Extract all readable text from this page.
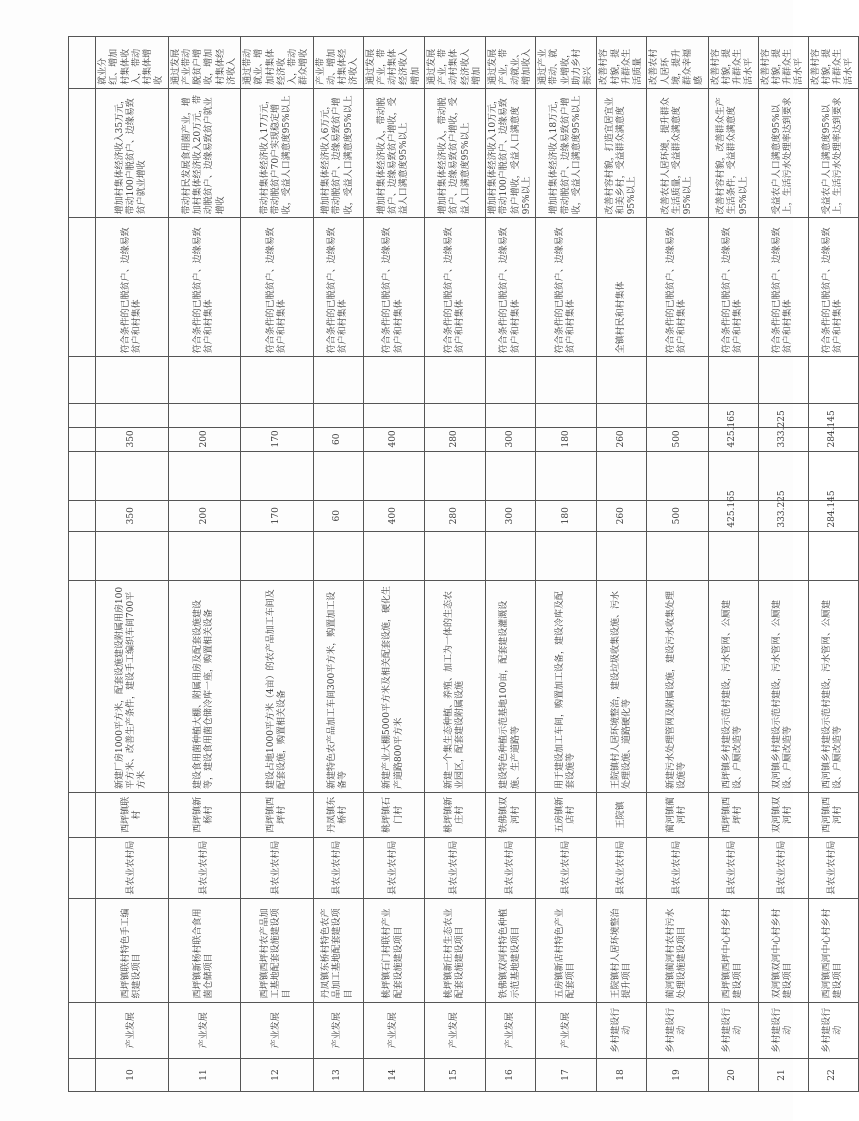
10	产业发展	西坪镇联村特色手工编织建设项目	县农业农村局	西坪镇联村	新建厂房1000平方米，配套设施建设附属用房100平方米、改善生产条件，建设手工编织车间700平方米		350		350			符合条件的已脱贫户、边缘易致贫户和村集体	增加村集体经济收入35万元，带动100户脱贫户、边缘易致贫户就业增收	就业分红、增加村集体收入，带动村集体增收
11	产业发展	西坪镇新杨村联合食用菌仓储项目	县农业农村局	西坪镇新杨村	建设食用菌种植大棚、附属用房及配套设施建设等，建设食用菌仓储冷库一座，购置相关设备		200		200			符合条件的已脱贫户、边缘易致贫户和村集体	带动村民发展食用菌产业，增加村集体经济收入20万元，带动脱贫户、边缘易致贫户就业增收	通过发展产业带动脱贫户增收，增加村集体经济收入
12	产业发展	西坪镇西坪村农产品加工基地配套设施建设项目	县农业农村局	西坪镇西坪村	建设占地1000平方米（4亩）的农产品加工车间及配套设施，购置相关设备		170		170			符合条件的已脱贫户、边缘易致贫户和村集体	带动村集体经济收入17万元，带动脱贫户70户实现稳定增收，受益人口满意度95%以上	通过带动就业、增加村集体经济收入，带动群众增收
13	产业发展	丹凤镇东桥村特色农产品加工基地配套建设项目	县农业农村局	丹凤镇东桥村	新建特色农产品加工车间300平方米，购置加工设备等		60		60			符合条件的已脱贫户、边缘易致贫户和村集体	增加村集体经济收入6万元，带动脱贫户、边缘易致贫户增收，受益人口满意度95%以上	产业带动、增加村集体经济收入
14	产业发展	桃坪镇石门村联村产业配套设施建设项目	县农业农村局	桃坪镇石门村	新建产业大棚5000平方米及相关配套设施，硬化生产道路800平方米		400		400			符合条件的已脱贫户、边缘易致贫户和村集体	增加村集体经济收入，带动脱贫户、边缘易致贫户增收，受益人口满意度95%以上	通过发展产业，带动村集体经济收入增加
15	产业发展	桃坪镇新庄村生态农业配套设施建设项目	县农业农村局	桃坪镇新庄村	新建一个集生态种植、养殖、加工为一体的生态农业园区，配套建设附属设施		280		280			符合条件的已脱贫户、边缘易致贫户和村集体	增加村集体经济收入，带动脱贫户、边缘易致贫户增收，受益人口满意度95%以上	通过发展产业，带动村集体经济收入增加
16	产业发展	铁佛镇双河村特色种植示范基地建设项目	县农业农村局	铁佛镇双河村	建设特色种植示范基地100亩，配套建设灌溉设施、生产道路等		300		300			符合条件的已脱贫户、边缘易致贫户和村集体	增加村集体经济收入10万元，带动100户脱贫户、边缘易致贫户增收，受益人口满意度95%以上	通过发展产业，带动就业、增加收入
17	产业发展	五房镇新店村特色产业配套项目	县农业农村局	五房镇新店村	用于建设加工车间，购置加工设备，建设冷库及配套设施等		180		180			符合条件的已脱贫户、边缘易致贫户和村集体	增加村集体经济收入18万元，带动脱贫户、边缘易致贫户增收，受益人口满意度95%以上	通过产业带动、就业增收，助力乡村振兴
18	乡村建设行动	王院镇村人居环境整治提升项目	县农业农村局	王院镇	王院镇村人居环境整治，建设垃圾收集设施、污水处理设施、道路硬化等		260		260			全镇村民和村集体	改善村容村貌，打造宜居宜业和美乡村，受益群众满意度95%以上	改善村容村貌，提升群众生活质量
19	乡村建设行动	蔺河镇蔺河村农村污水处理设施建设项目	县农业农村局	蔺河镇蔺河村	新建污水处理管网及附属设施，建设污水收集处理设施等		500		500			符合条件的已脱贫户、边缘易致贫户和村集体	改善农村人居环境，提升群众生活质量，受益群众满意度95%以上	改善农村人居环境，提升群众幸福感
20	乡村建设行动	西坪镇西坪中心村乡村建设项目	县农业农村局	西坪镇西坪村	西坪镇乡村建设示范村建设，污水管网、公厕建设、户厕改造等		425.165		425.165			符合条件的已脱贫户、边缘易致贫户和村集体	改善村容村貌，改善群众生产生活条件，受益群众满意度95%以上	改善村容村貌，提升群众生活水平
21	乡村建设行动	双河镇双河中心村乡村建设项目	县农业农村局	双河镇双河村	双河镇乡村建设示范村建设，污水管网、公厕建设、户厕改造等		333.225		333.225			符合条件的已脱贫户、边缘易致贫户和村集体	受益农户人口满意度95%以上，生活污水处理率达到要求	改善村容村貌，提升群众生活水平
22	乡村建设行动	西河镇西河中心村乡村建设项目	县农业农村局	西河镇西河村	西河镇乡村建设示范村建设，污水管网、公厕建设、户厕改造等		284.145		284.145			符合条件的已脱贫户、边缘易致贫户和村集体	受益农户人口满意度95%以上，生活污水处理率达到要求	改善村容村貌，提升群众生活水平
